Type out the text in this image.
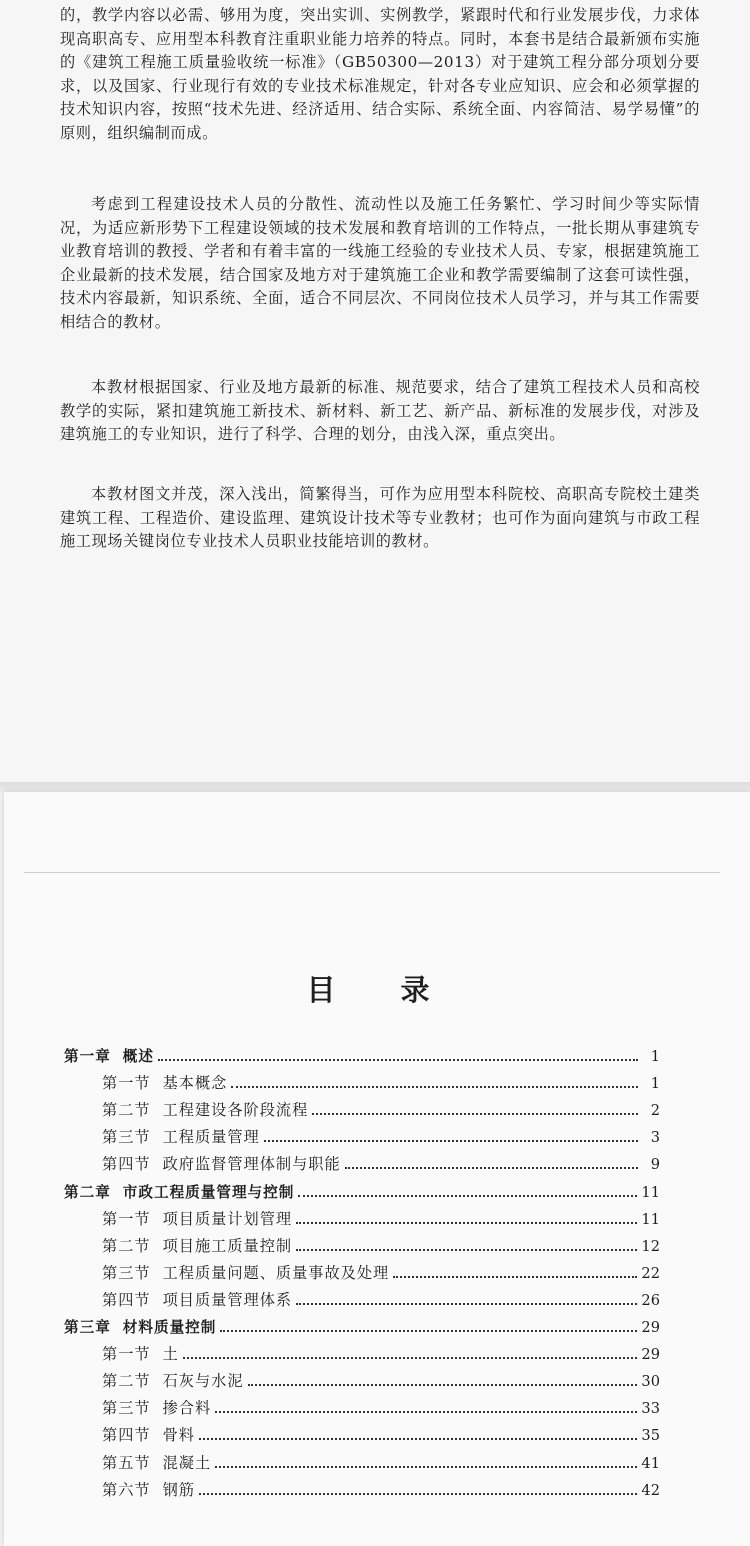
的，教学内容以必需、够用为度，突出实训、实例教学，紧跟时代和行业发展步伐，力求体现高职高专、应用型本科教育注重职业能力培养的特点。同时，本套书是结合最新颁布实施的《建筑工程施工质量验收统一标准》（GB50300—2013）对于建筑工程分部分项划分要求，以及国家、行业现行有效的专业技术标准规定，针对各专业应知识、应会和必须掌握的技术知识内容，按照“技术先进、经济适用、结合实际、系统全面、内容简洁、易学易懂”的原则，组织编制而成。

考虑到工程建设技术人员的分散性、流动性以及施工任务繁忙、学习时间少等实际情况，为适应新形势下工程建设领域的技术发展和教育培训的工作特点，一批长期从事建筑专业教育培训的教授、学者和有着丰富的一线施工经验的专业技术人员、专家，根据建筑施工企业最新的技术发展，结合国家及地方对于建筑施工企业和教学需要编制了这套可读性强，技术内容最新，知识系统、全面，适合不同层次、不同岗位技术人员学习，并与其工作需要相结合的教材。

本教材根据国家、行业及地方最新的标准、规范要求，结合了建筑工程技术人员和高校教学的实际，紧扣建筑施工新技术、新材料、新工艺、新产品、新标准的发展步伐，对涉及建筑施工的专业知识，进行了科学、合理的划分，由浅入深，重点突出。

本教材图文并茂，深入浅出，简繁得当，可作为应用型本科院校、高职高专院校土建类建筑工程、工程造价、建设监理、建筑设计技术等专业教材；也可作为面向建筑与市政工程施工现场关键岗位专业技术人员职业技能培训的教材。

目　录
第一章 概述	1
第一节 基本概念	1
第二节 工程建设各阶段流程	2
第三节 工程质量管理	3
第四节 政府监督管理体制与职能	9
第二章 市政工程质量管理与控制	11
第一节 项目质量计划管理	11
第二节 项目施工质量控制	12
第三节 工程质量问题、质量事故及处理	22
第四节 项目质量管理体系	26
第三章 材料质量控制	29
第一节 土	29
第二节 石灰与水泥	30
第三节 掺合料	33
第四节 骨料	35
第五节 混凝土	41
第六节 钢筋	42
